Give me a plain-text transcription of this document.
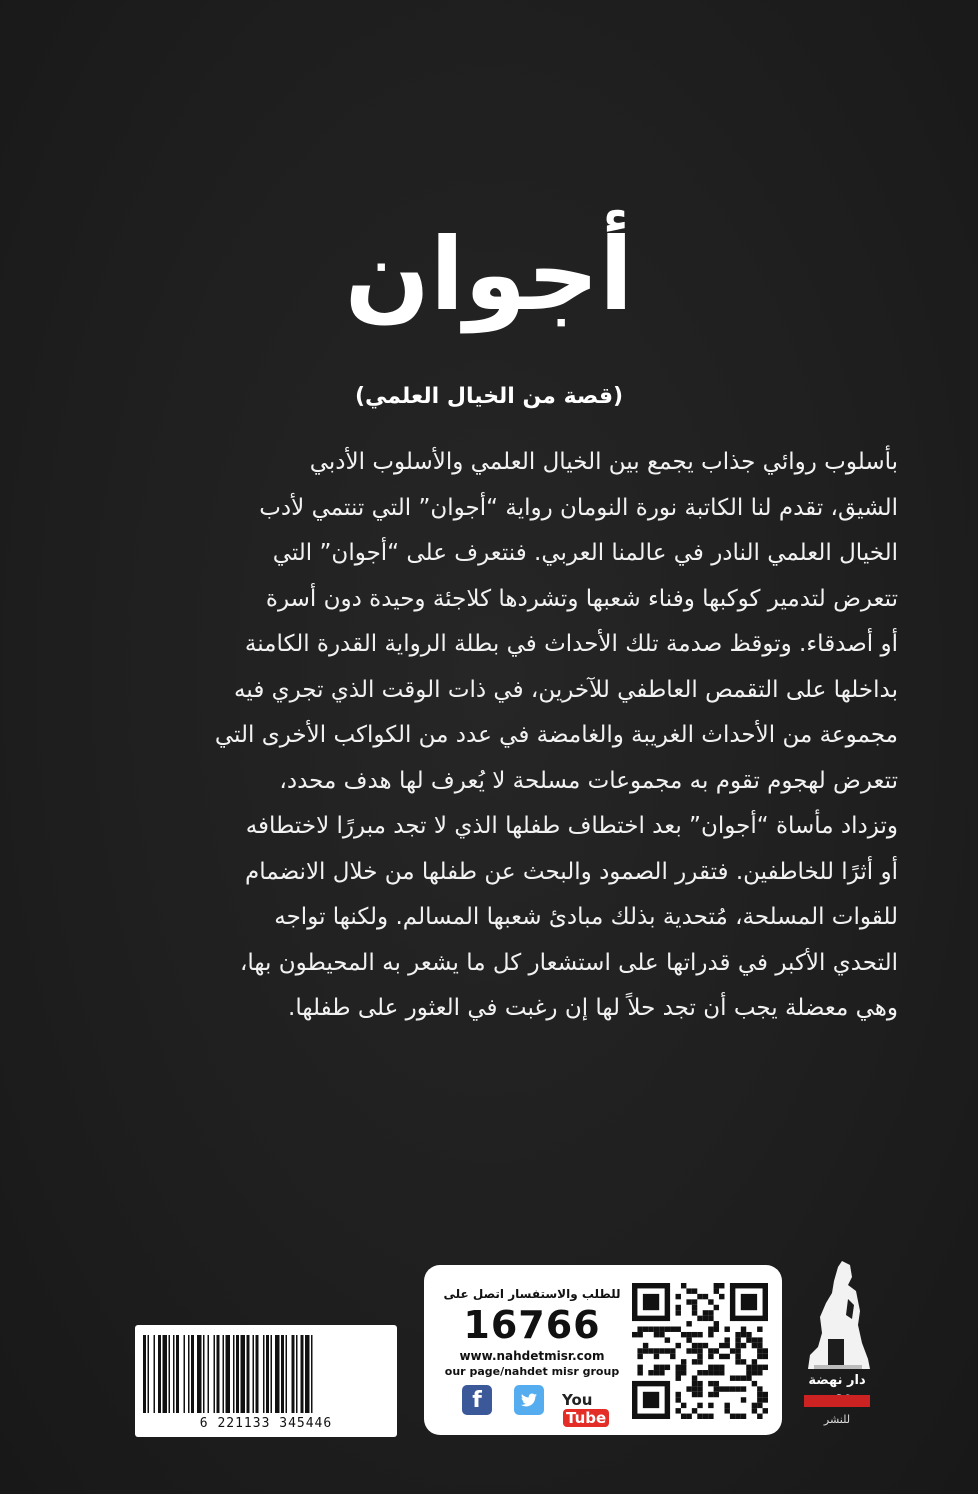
أجوان
(قصة من الخيال العلمي)
بأسلوب روائي جذاب يجمع بين الخيال العلمي والأسلوب الأدبي
الشيق، تقدم لنا الكاتبة نورة النومان رواية “أجوان” التي تنتمي لأدب
الخيال العلمي النادر في عالمنا العربي. فنتعرف على “أجوان” التي
تتعرض لتدمير كوكبها وفناء شعبها وتشردها كلاجئة وحيدة دون أسرة
أو أصدقاء. وتوقظ صدمة تلك الأحداث في بطلة الرواية القدرة الكامنة
بداخلها على التقمص العاطفي للآخرين، في ذات الوقت الذي تجري فيه
مجموعة من الأحداث الغريبة والغامضة في عدد من الكواكب الأخرى التي
تتعرض لهجوم تقوم به مجموعات مسلحة لا يُعرف لها هدف محدد،
وتزداد مأساة “أجوان” بعد اختطاف طفلها الذي لا تجد مبررًا لاختطافه
أو أثرًا للخاطفين. فتقرر الصمود والبحث عن طفلها من خلال الانضمام
للقوات المسلحة، مُتحدية بذلك مبادئ شعبها المسالم. ولكنها تواجه
التحدي الأكبر في قدراتها على استشعار كل ما يشعر به المحيطون بها،
وهي معضلة يجب أن تجد حلاً لها إن رغبت في العثور على طفلها.
6 221133 345446
للطلب والاستفسار اتصل على
16766
www.nahdetmisr.com
our page/nahdet misr group
f	YouTube
دار نهضة
للنشر
